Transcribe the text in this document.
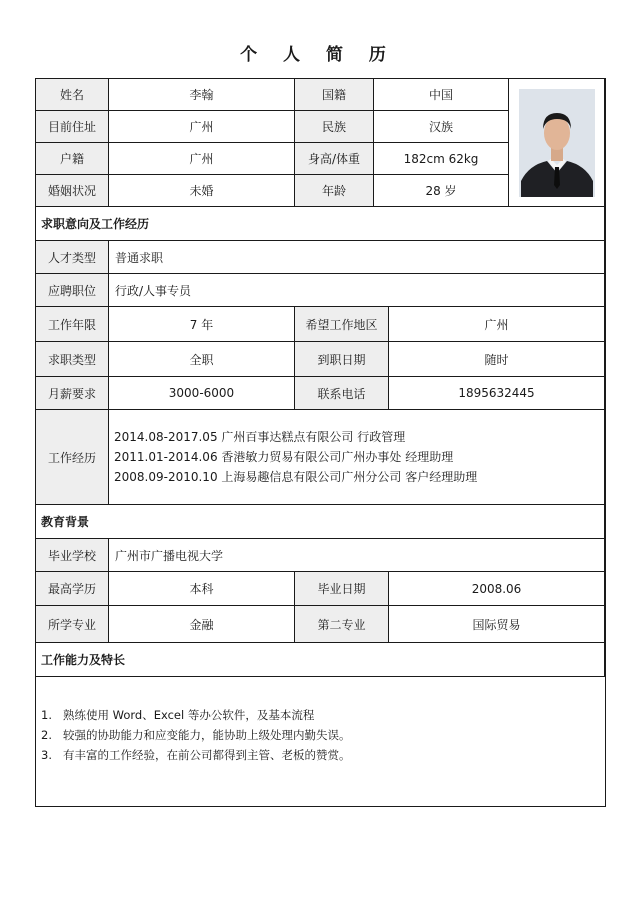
个 人 简 历
姓名	李翰	国籍	中国
目前住址	广州	民族	汉族
户籍	广州	身高/体重	182cm 62kg
婚姻状况	未婚	年龄	28 岁
求职意向及工作经历
人才类型	普通求职
应聘职位	行政/人事专员
工作年限	7 年	希望工作地区	广州
求职类型	全职	到职日期	随时
月薪要求	3000-6000	联系电话	1895632445
工作经历
2014.08-2017.05 广州百事达糕点有限公司 行政管理
2011.01-2014.06 香港敏力贸易有限公司广州办事处 经理助理
2008.09-2010.10 上海易趣信息有限公司广州分公司 客户经理助理
教育背景
毕业学校	广州市广播电视大学
最高学历	本科	毕业日期	2008.06
所学专业	金融	第二专业	国际贸易
工作能力及特长
1. 熟练使用 Word、Excel 等办公软件，及基本流程
2. 较强的协助能力和应变能力，能协助上级处理内勤失误。
3. 有丰富的工作经验，在前公司都得到主管、老板的赞赏。
